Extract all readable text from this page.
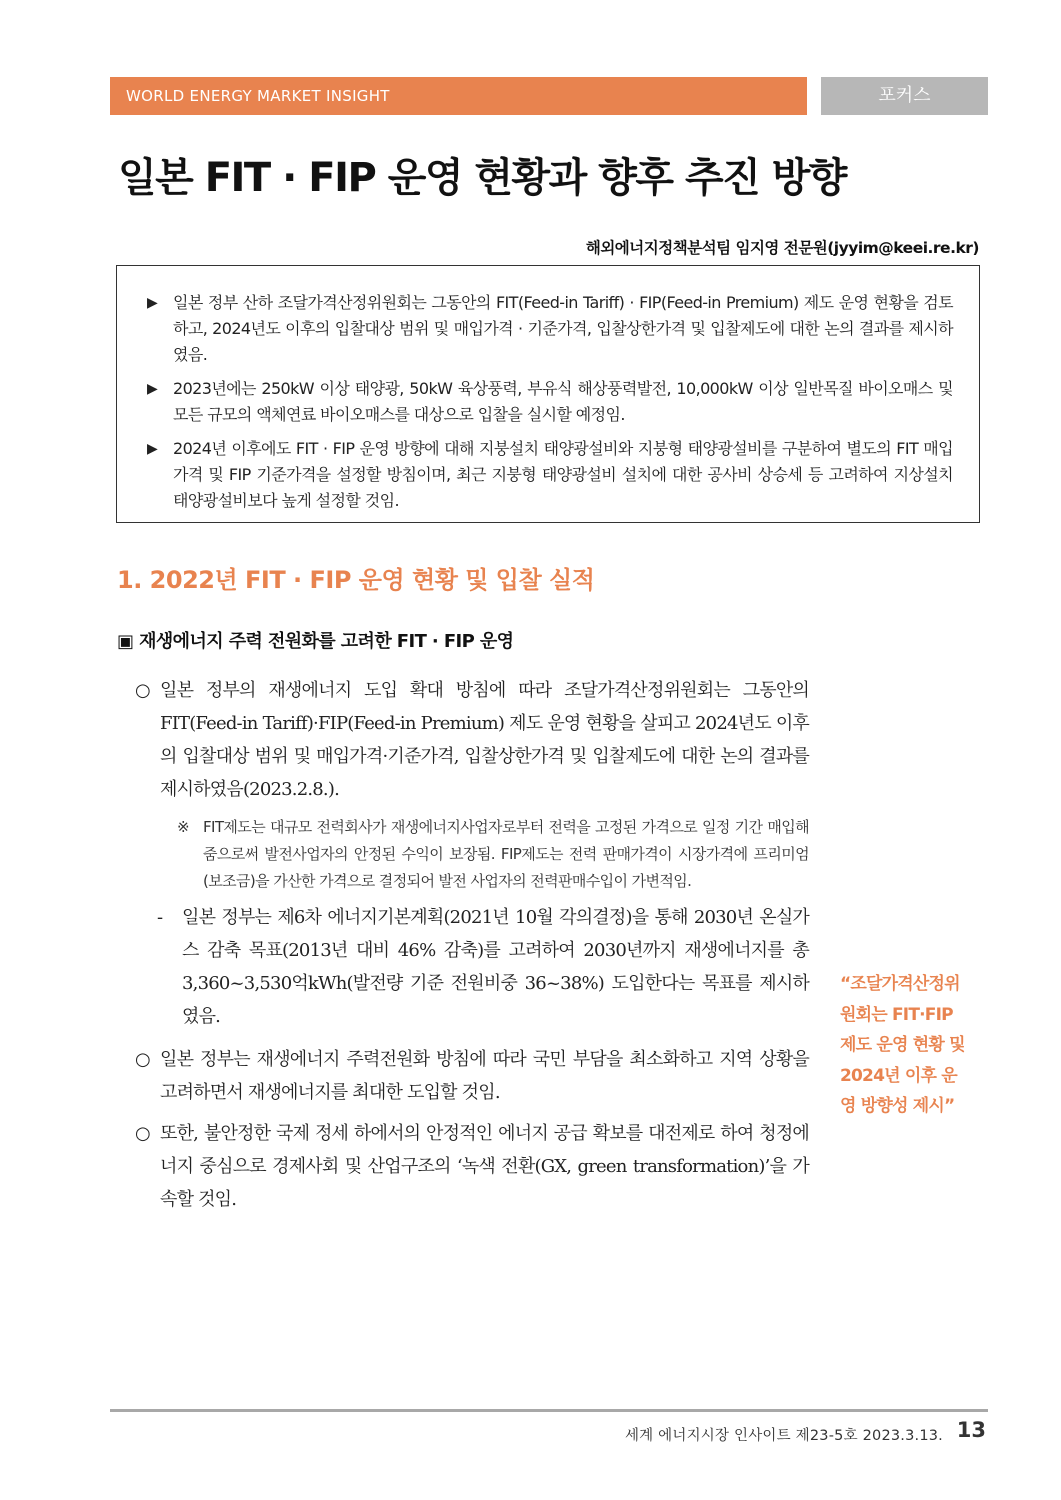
WORLD ENERGY MARKET INSIGHT	포커스
일본 FIT · FIP 운영 현황과 향후 추진 방향
해외에너지정책분석팀 임지영 전문원(jyyim@keei.re.kr)
▶ 일본 정부 산하 조달가격산정위원회는 그동안의 FIT(Feed-in Tariff) · FIP(Feed-in Premium) 제도 운영 현황을 검토하고, 2024년도 이후의 입찰대상 범위 및 매입가격 · 기준가격, 입찰상한가격 및 입찰제도에 대한 논의 결과를 제시하였음.
▶ 2023년에는 250kW 이상 태양광, 50kW 육상풍력, 부유식 해상풍력발전, 10,000kW 이상 일반목질 바이오매스 및 모든 규모의 액체연료 바이오매스를 대상으로 입찰을 실시할 예정임.
▶ 2024년 이후에도 FIT · FIP 운영 방향에 대해 지붕설치 태양광설비와 지붕형 태양광설비를 구분하여 별도의 FIT 매입가격 및 FIP 기준가격을 설정할 방침이며, 최근 지붕형 태양광설비 설치에 대한 공사비 상승세 등 고려하여 지상설치 태양광설비보다 높게 설정할 것임.
1. 2022년 FIT · FIP 운영 현황 및 입찰 실적
▣ 재생에너지 주력 전원화를 고려한 FIT · FIP 운영
○ 일본 정부의 재생에너지 도입 확대 방침에 따라 조달가격산정위원회는 그동안의 FIT(Feed-in Tariff)·FIP(Feed-in Premium) 제도 운영 현황을 살피고 2024년도 이후의 입찰대상 범위 및 매입가격·기준가격, 입찰상한가격 및 입찰제도에 대한 논의 결과를 제시하였음(2023.2.8.).
※ FIT제도는 대규모 전력회사가 재생에너지사업자로부터 전력을 고정된 가격으로 일정 기간 매입해줌으로써 발전사업자의 안정된 수익이 보장됨. FIP제도는 전력 판매가격이 시장가격에 프리미엄(보조금)을 가산한 가격으로 결정되어 발전 사업자의 전력판매수입이 가변적임.
- 일본 정부는 제6차 에너지기본계획(2021년 10월 각의결정)을 통해 2030년 온실가스 감축 목표(2013년 대비 46% 감축)를 고려하여 2030년까지 재생에너지를 총 3,360~3,530억kWh(발전량 기준 전원비중 36~38%) 도입한다는 목표를 제시하였음.
○ 일본 정부는 재생에너지 주력전원화 방침에 따라 국민 부담을 최소화하고 지역 상황을 고려하면서 재생에너지를 최대한 도입할 것임.
○ 또한, 불안정한 국제 정세 하에서의 안정적인 에너지 공급 확보를 대전제로 하여 청정에너지 중심으로 경제사회 및 산업구조의 ‘녹색 전환(GX, green transformation)’을 가속할 것임.
“조달가격산정위원회는 FIT·FIP 제도 운영 현황 및 2024년 이후 운영 방향성 제시”
세계 에너지시장 인사이트 제23-5호 2023.3.13. 13
